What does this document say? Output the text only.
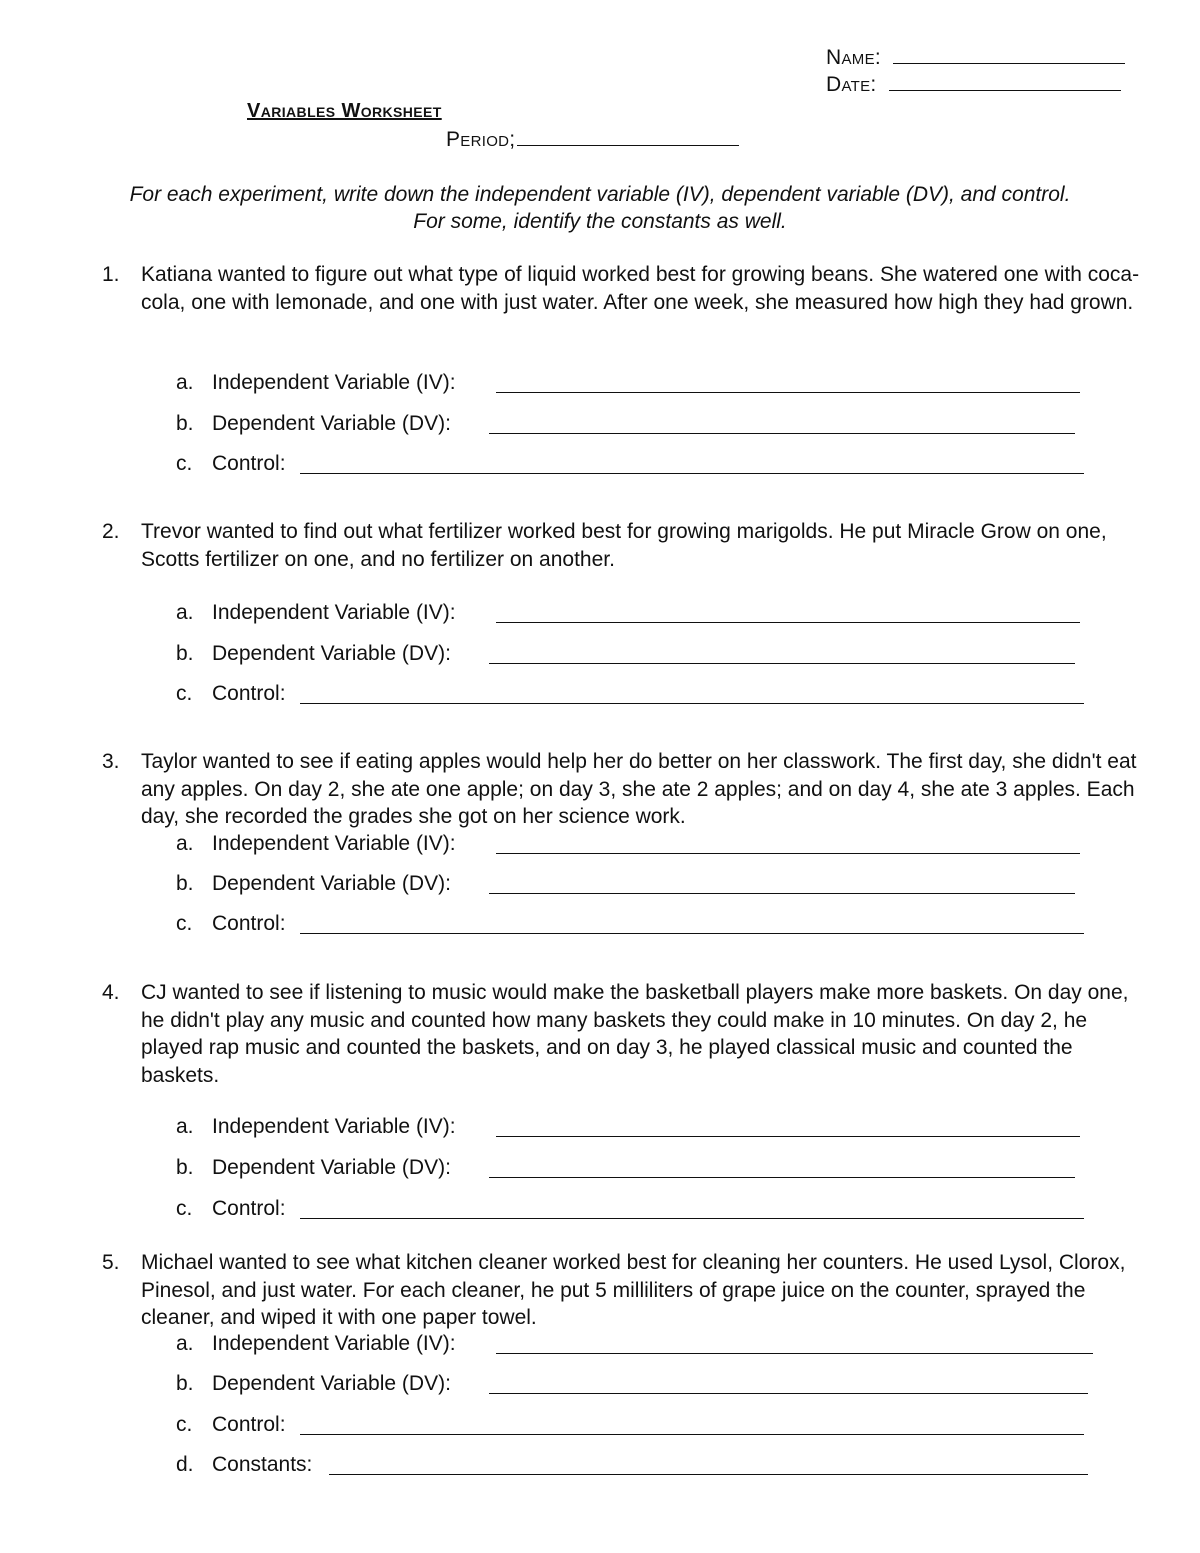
Name:
Date:
Variables Worksheet
Period;
For each experiment, write down the independent variable (IV), dependent variable (DV), and control.
For some, identify the constants as well.
1. Katiana wanted to figure out what type of liquid worked best for growing beans. She watered one with coca-cola, one with lemonade, and one with just water. After one week, she measured how high they had grown.
a. Independent Variable (IV):
b. Dependent Variable (DV):
c. Control:
2. Trevor wanted to find out what fertilizer worked best for growing marigolds. He put Miracle Grow on one, Scotts fertilizer on one, and no fertilizer on another.
a. Independent Variable (IV):
b. Dependent Variable (DV):
c. Control:
3. Taylor wanted to see if eating apples would help her do better on her classwork. The first day, she didn't eat any apples. On day 2, she ate one apple; on day 3, she ate 2 apples; and on day 4, she ate 3 apples. Each day, she recorded the grades she got on her science work.
a. Independent Variable (IV):
b. Dependent Variable (DV):
c. Control:
4. CJ wanted to see if listening to music would make the basketball players make more baskets. On day one, he didn't play any music and counted how many baskets they could make in 10 minutes. On day 2, he played rap music and counted the baskets, and on day 3, he played classical music and counted the baskets.
a. Independent Variable (IV):
b. Dependent Variable (DV):
c. Control:
5. Michael wanted to see what kitchen cleaner worked best for cleaning her counters. He used Lysol, Clorox, Pinesol, and just water. For each cleaner, he put 5 milliliters of grape juice on the counter, sprayed the cleaner, and wiped it with one paper towel.
a. Independent Variable (IV):
b. Dependent Variable (DV):
c. Control:
d. Constants:
